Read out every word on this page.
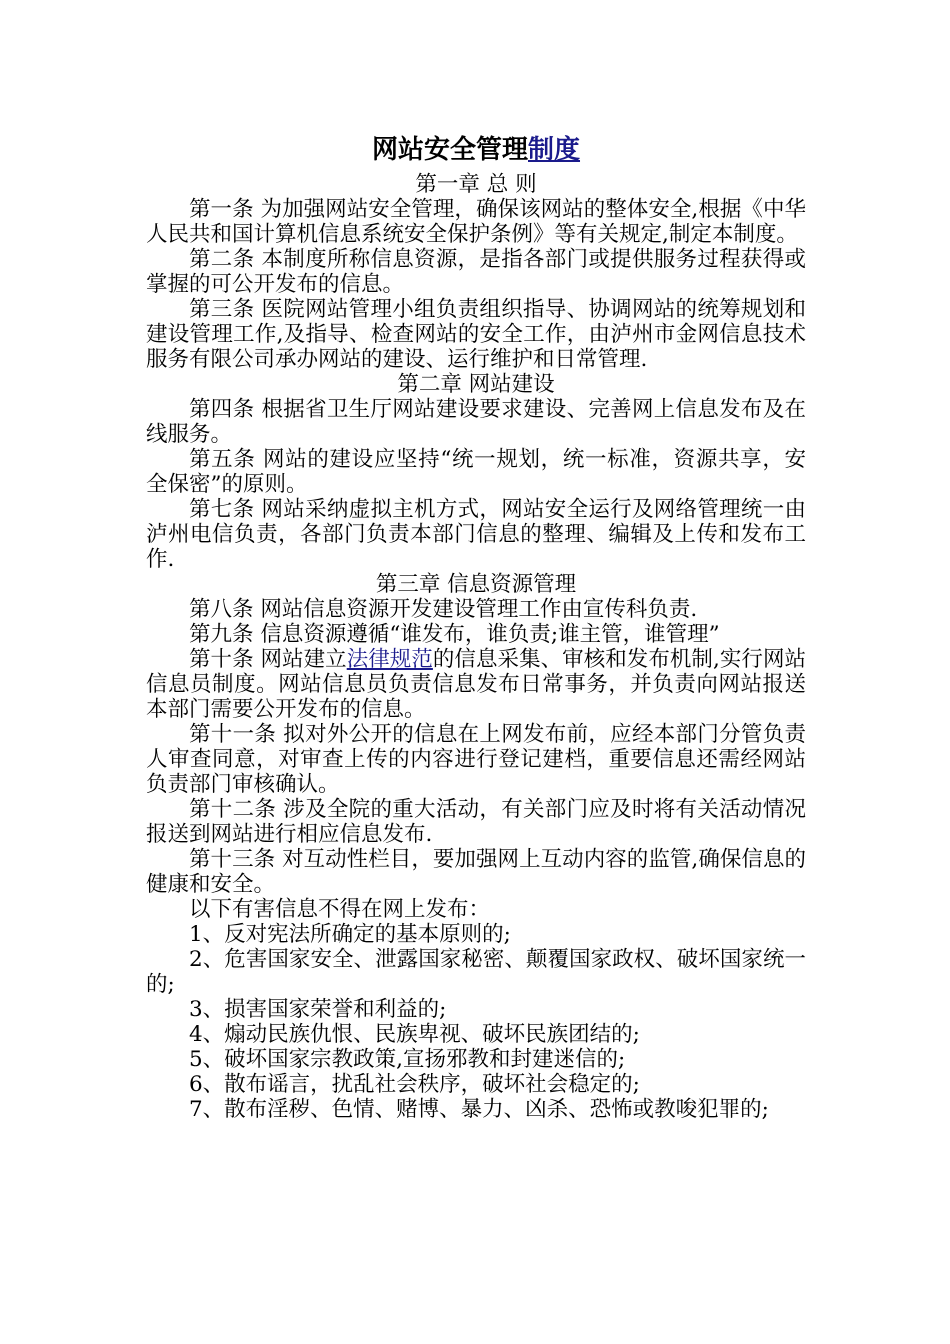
网站安全管理制度
第一章 总 则

第一条 为加强网站安全管理，确保该网站的整体安全,根据《中华人民共和国计算机信息系统安全保护条例》等有关规定,制定本制度。

第二条 本制度所称信息资源，是指各部门或提供服务过程获得或掌握的可公开发布的信息。

第三条 医院网站管理小组负责组织指导、协调网站的统筹规划和建设管理工作,及指导、检查网站的安全工作，由泸州市金网信息技术服务有限公司承办网站的建设、运行维护和日常管理.

第二章 网站建设

第四条 根据省卫生厅网站建设要求建设、完善网上信息发布及在线服务。

第五条 网站的建设应坚持“统一规划，统一标准，资源共享，安全保密”的原则。

第七条 网站采纳虚拟主机方式，网站安全运行及网络管理统一由泸州电信负责，各部门负责本部门信息的整理、编辑及上传和发布工作.

第三章 信息资源管理

第八条 网站信息资源开发建设管理工作由宣传科负责.

第九条 信息资源遵循“谁发布，谁负责;谁主管，谁管理”

第十条 网站建立法律规范的信息采集、审核和发布机制,实行网站信息员制度。网站信息员负责信息发布日常事务，并负责向网站报送本部门需要公开发布的信息。

第十一条 拟对外公开的信息在上网发布前，应经本部门分管负责人审查同意，对审查上传的内容进行登记建档，重要信息还需经网站负责部门审核确认。

第十二条 涉及全院的重大活动，有关部门应及时将有关活动情况报送到网站进行相应信息发布.

第十三条 对互动性栏目，要加强网上互动内容的监管,确保信息的健康和安全。

以下有害信息不得在网上发布：

1、反对宪法所确定的基本原则的;

2、危害国家安全、泄露国家秘密、颠覆国家政权、破坏国家统一的;

3、损害国家荣誉和利益的;

4、煽动民族仇恨、民族卑视、破坏民族团结的;

5、破坏国家宗教政策,宣扬邪教和封建迷信的;

6、散布谣言，扰乱社会秩序，破坏社会稳定的;

7、散布淫秽、色情、赌博、暴力、凶杀、恐怖或教唆犯罪的;
